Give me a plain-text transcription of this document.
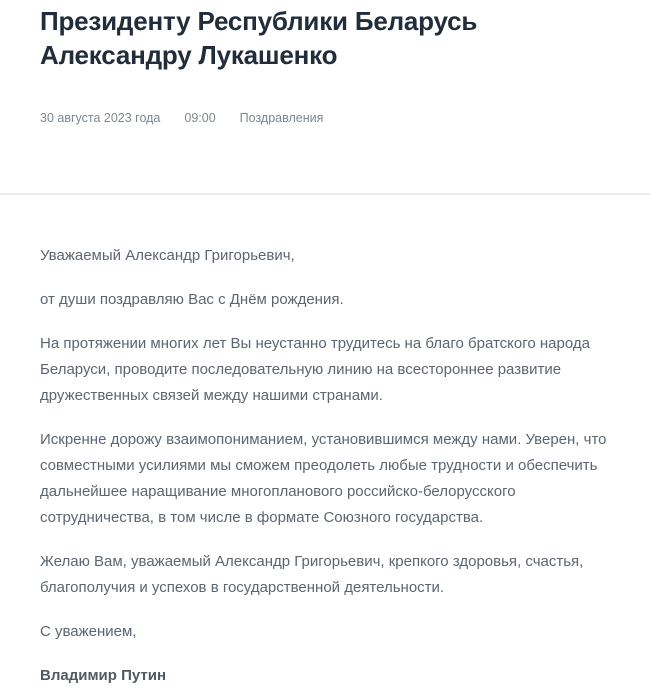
Президенту Республики Беларусь Александру Лукашенко
30 августа 2023 года 09:00 Поздравления

Уважаемый Александр Григорьевич,

от души поздравляю Вас с Днём рождения.

На протяжении многих лет Вы неустанно трудитесь на благо братского народа Беларуси, проводите последовательную линию на всестороннее развитие дружественных связей между нашими странами.

Искренне дорожу взаимопониманием, установившимся между нами. Уверен, что совместными усилиями мы сможем преодолеть любые трудности и обеспечить дальнейшее наращивание многопланового российско-белорусского сотрудничества, в том числе в формате Союзного государства.

Желаю Вам, уважаемый Александр Григорьевич, крепкого здоровья, счастья, благополучия и успехов в государственной деятельности.

С уважением,

Владимир Путин
